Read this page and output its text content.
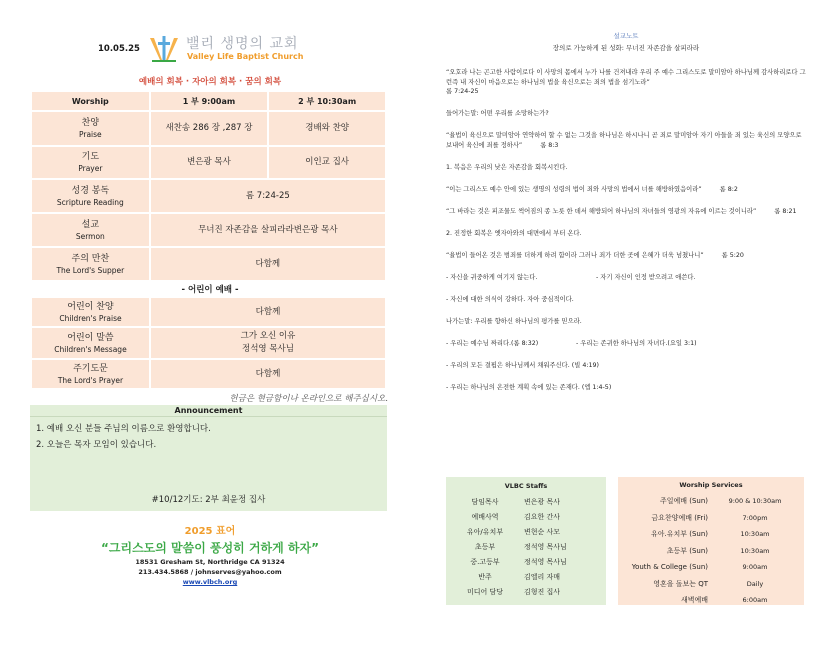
10.05.25	밸리 생명의 교회
Valley Life Baptist Church
예배의 회복 · 자아의 회복 · 꿈의 회복
Worship	1 부 9:00am	2 부 10:30am

찬양
Praise	새찬송 286 장 ,287 장	경배와 찬양

기도
Prayer	변은광 목사	이인교 집사

성경 봉독
Scripture Reading	롬 7:24-25	

설교
Sermon	무너진 자존감을 살피라라변은광 목사	

주의 만찬
The Lord's Supper	다함께	
- 어린이 예배 -
어린이 찬양
Children's Praise	다함께

어린이 말씀
Children's Message	그가 오신 이유
정석영 목사님

주기도문
The Lord's Prayer	다함께
헌금은 현금함이나 온라인으로 해주십시오.
Announcement
1. 예배 오신 분들 주님의 이름으로 환영합니다.
2. 오늘은 목자 모임이 있습니다.
#10/12기도: 2부 최윤정 집사
2025 표어
“그리스도의 말씀이 풍성히 거하게 하자”
18531 Gresham St, Northridge CA 91324
213.434.5868 / johnserves@yahoo.com
www.vlbch.org
설교노트
장의로 가능하게 된 성화: 무너진 자존감을 살피라라
“오호라 나는 곤고한 사람이로다 이 사망의 몸에서 누가 나를 건져내랴 우리 주 예수 그리스도로 말미암아 하나님께 감사하리로다 그런즉 내 자신이 마음으로는 하나님의 법을 육신으로는 죄의 법을 섬기노라”
롬 7:24-25
들어가는말: 어떤 우리를 소망하는가?
“율법이 육신으로 말미암아 연약하여 할 수 없는 그것을 하나님은 하시나니 곧 죄로 말미암아 자기 아들을 죄 있는 육신의 모양으로 보내어 육신에 죄를 정하사”	롬 8:3
1. 복음은 우리의 낮은 자존감을 회복시킨다.
“이는 그리스도 예수 안에 있는 생명의 성령의 법이 죄와 사망의 법에서 너를 해방하였음이라”	롬 8:2
“그 바라는 것은 피조물도 썩어짐의 종 노릇 한 데서 해방되어 하나님의 자녀들의 영광의 자유에 이르는 것이니라”	롬 8:21
2. 진정한 회복은 옛자아와의 대면에서 부터 온다.
“율법이 들어온 것은 범죄를 더하게 하려 함이라 그러나 죄가 더한 곳에 은혜가 더욱 넘쳤나니”	롬 5:20
- 자신을 귀중하게 여기지 않는다.	- 자기 자신이 인정 받으려고 애쓴다.
- 자신에 대한 의식이 강하다. 자아 중심적이다.
나가는말: 우리를 향하신 하나님의 평가를 믿으라.
- 우리는 예수님 짜리다.(롬 8:32)	- 우리는 존귀한 하나님의 자녀다.(요일 3:1)
- 우리의 모든 결핍은 하나님께서 채워주신다. (빌 4:19)
- 우리는 하나님의 온전한 계획 속에 있는 존재다. (엡 1:4-5)
VLBC Staffs
담임목사	변은광 목사
예배사역	김요한 간사
유아/유치부	변현순 사모
초등부	정석영 목사님
중.고등부	정석영 목사님
반주	김엘리 자매
미디어 담당	김형진 집사
Worship Services
주일예배 (Sun)	9:00 & 10:30am
금요찬양예배 (Fri)	7:00pm
유아.유치부 (Sun)	10:30am
초등부 (Sun)	10:30am
Youth & College (Sun)	9:00am
영혼을 돌보는 QT	Daily
새벽예배	6:00am
